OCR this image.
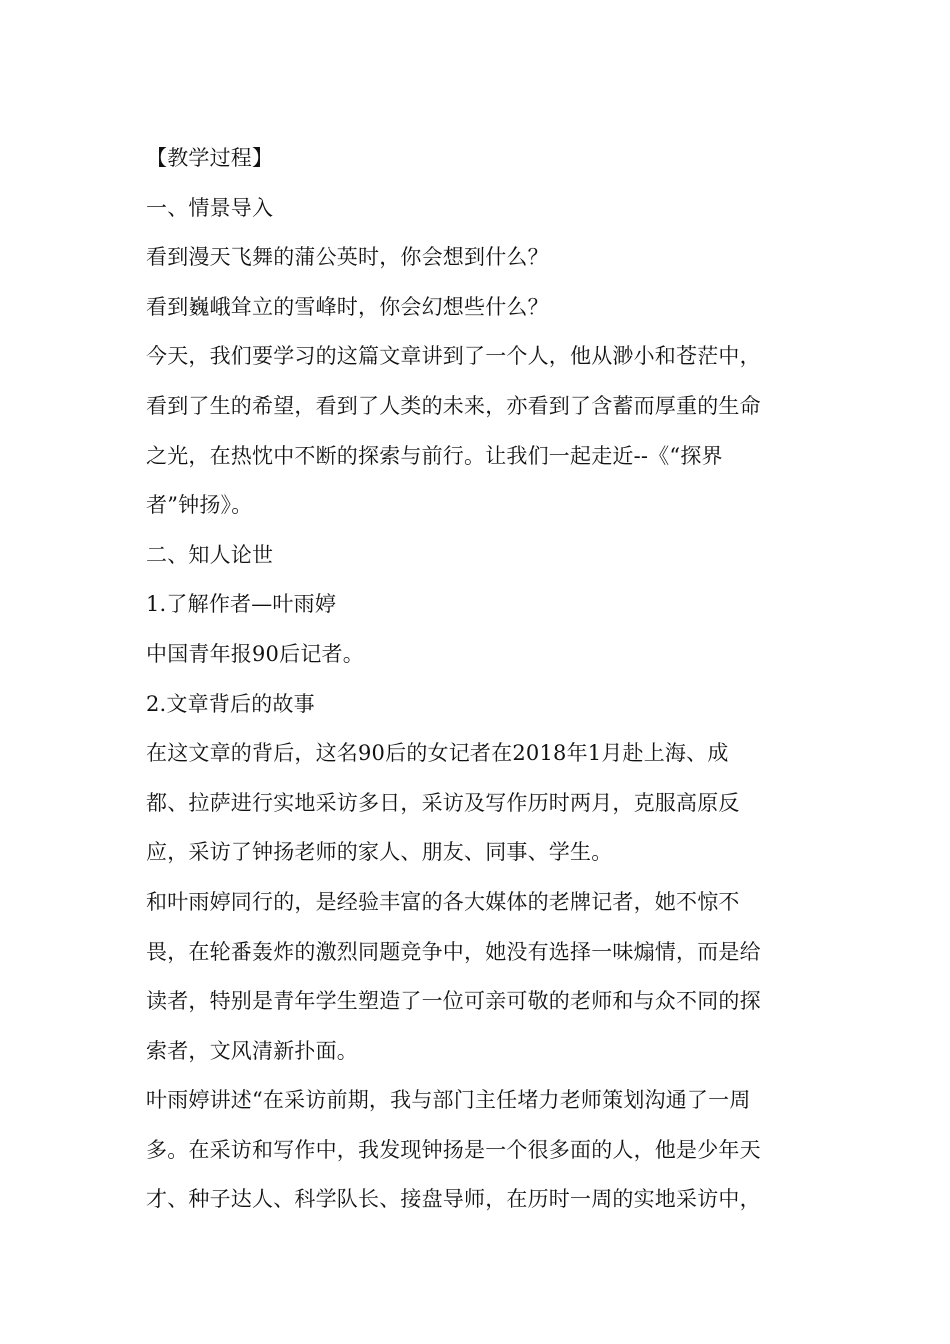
【教学过程】
一、情景导入
看到漫天飞舞的蒲公英时，你会想到什么？
看到巍峨耸立的雪峰时，你会幻想些什么？
今天，我们要学习的这篇文章讲到了一个人，他从渺小和苍茫中，
看到了生的希望，看到了人类的未来，亦看到了含蓄而厚重的生命
之光，在热忱中不断的探索与前行。让我们一起走近--《“探界
者”钟扬》。
二、知人论世
1.了解作者—叶雨婷
中国青年报90后记者。
2.文章背后的故事
在这文章的背后，这名90后的女记者在2018年1月赴上海、成
都、拉萨进行实地采访多日，采访及写作历时两月，克服高原反
应，采访了钟扬老师的家人、朋友、同事、学生。
和叶雨婷同行的，是经验丰富的各大媒体的老牌记者，她不惊不
畏，在轮番轰炸的激烈同题竞争中，她没有选择一味煽情，而是给
读者，特别是青年学生塑造了一位可亲可敬的老师和与众不同的探
索者，文风清新扑面。
叶雨婷讲述“在采访前期，我与部门主任堵力老师策划沟通了一周
多。在采访和写作中，我发现钟扬是一个很多面的人，他是少年天
才、种子达人、科学队长、接盘导师，在历时一周的实地采访中，
